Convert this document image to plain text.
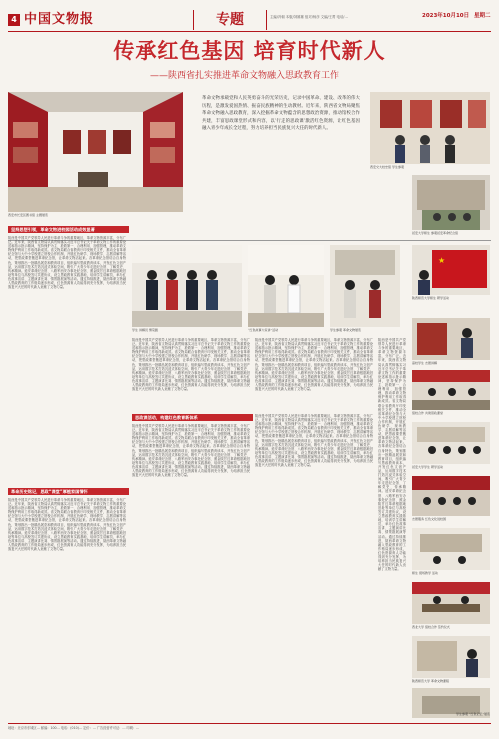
4 中国文物报	专题	主编/冯朝 本版/刘雄雄 组对/杨彦 文编/王菁 电话/…	2023年10月10日 星期二
传承红色基因 培育时代新人
——陕西省扎实推进革命文物融入思政教育工作
西安市长安区图书馆 主题展览
革命文物承载党和人民英勇奋斗的光荣历史，记录中国革命、建设、改革的伟大历程，是激发爱国热情、振奋民族精神的生动教材。近年来，陕西省文物局聚焦革命文物融入思政教育，深入挖掘革命文物蕴含的思想政治资源，推动馆校合作共建，丰富思政课堂形式和内容，以‘行走的思政课’激活红色资源，让红色基因融入青少年成长全过程，努力培养担当民族复兴大任的时代新人。
西安交大校史馆 学生参观
延安大学师生 参观延安革命纪念馆
学生 讲解员 情景剧	“红色故事大家讲”活动	学生参观 革命文物展览
★
陕西师范大学师生 研学活动
坚持思想引领，革命文物进校园活动成效显著
陕西是中国共产党领导人民进行革命斗争的重要地区，革命文物资源丰富，分布广泛。近年来，陕西省文物局认真贯彻落实习近平总书记关于革命文物工作的重要论述和指示批示精神，坚持保护为主、抢救第一、合理利用、加强管理，推动革命文物保护利用工作取得新成效。省文物局联合省教育厅印发相关文件，推动全省革命纪念馆与大中小学校建立馆校合作机制，开展红色研学、现场教学、志愿讲解等活动，把思政课堂搬进革命纪念馆，让革命文物活起来。各革命纪念馆结合自身特色，策划推出一批精品展览和教育项目，组织编写思政教育读本，开发红色文创产品，运用数字技术打造沉浸式体验空间，吸引广大青少年走进纪念馆、了解党史、传承精神。延安革命纪念馆、八路军西安办事处纪念馆、照金陕甘边革命根据地旧址等单位与高校签订共建协议，设立思政教育实践基地，培训学生讲解员，举办红色故事宣讲、主题演讲比赛、情景剧展演等活动。通过持续推进，陕西革命文物融入思政教育的工作格局逐步形成，红色资源育人功能得到充分发挥，为培养担当民族复兴大任的时代新人贡献了文物力量。
革命历史铭记，思政“课堂”厚植家国情怀
陕西是中国共产党领导人民进行革命斗争的重要地区，革命文物资源丰富，分布广泛。近年来，陕西省文物局认真贯彻落实习近平总书记关于革命文物工作的重要论述和指示批示精神，坚持保护为主、抢救第一、合理利用、加强管理，推动革命文物保护利用工作取得新成效。省文物局联合省教育厅印发相关文件，推动全省革命纪念馆与大中小学校建立馆校合作机制，开展红色研学、现场教学、志愿讲解等活动，把思政课堂搬进革命纪念馆，让革命文物活起来。各革命纪念馆结合自身特色，策划推出一批精品展览和教育项目，组织编写思政教育读本，开发红色文创产品，运用数字技术打造沉浸式体验空间，吸引广大青少年走进纪念馆、了解党史、传承精神。延安革命纪念馆、八路军西安办事处纪念馆、照金陕甘边革命根据地旧址等单位与高校签订共建协议，设立思政教育实践基地，培训学生讲解员，举办红色故事宣讲、主题演讲比赛、情景剧展演等活动。通过持续推进，陕西革命文物融入思政教育的工作格局逐步形成，红色资源育人功能得到充分发挥，为培养担当民族复兴大任的时代新人贡献了文物力量。
陕西是中国共产党领导人民进行革命斗争的重要地区，革命文物资源丰富，分布广泛。近年来，陕西省文物局认真贯彻落实习近平总书记关于革命文物工作的重要论述和指示批示精神，坚持保护为主、抢救第一、合理利用、加强管理，推动革命文物保护利用工作取得新成效。省文物局联合省教育厅印发相关文件，推动全省革命纪念馆与大中小学校建立馆校合作机制，开展红色研学、现场教学、志愿讲解等活动，把思政课堂搬进革命纪念馆，让革命文物活起来。各革命纪念馆结合自身特色，策划推出一批精品展览和教育项目，组织编写思政教育读本，开发红色文创产品，运用数字技术打造沉浸式体验空间，吸引广大青少年走进纪念馆、了解党史、传承精神。延安革命纪念馆、八路军西安办事处纪念馆、照金陕甘边革命根据地旧址等单位与高校签订共建协议，设立思政教育实践基地，培训学生讲解员，举办红色故事宣讲、主题演讲比赛、情景剧展演等活动。通过持续推进，陕西革命文物融入思政教育的工作格局逐步形成，红色资源育人功能得到充分发挥，为培养担当民族复兴大任的时代新人贡献了文物力量。
陕西是中国共产党领导人民进行革命斗争的重要地区，革命文物资源丰富，分布广泛。近年来，陕西省文物局认真贯彻落实习近平总书记关于革命文物工作的重要论述和指示批示精神，坚持保护为主、抢救第一、合理利用、加强管理，推动革命文物保护利用工作取得新成效。省文物局联合省教育厅印发相关文件，推动全省革命纪念馆与大中小学校建立馆校合作机制，开展红色研学、现场教学、志愿讲解等活动，把思政课堂搬进革命纪念馆，让革命文物活起来。各革命纪念馆结合自身特色，策划推出一批精品展览和教育项目，组织编写思政教育读本，开发红色文创产品，运用数字技术打造沉浸式体验空间，吸引广大青少年走进纪念馆、了解党史、传承精神。延安革命纪念馆、八路军西安办事处纪念馆、照金陕甘边革命根据地旧址等单位与高校签订共建协议，设立思政教育实践基地，培训学生讲解员，举办红色故事宣讲、主题演讲比赛、情景剧展演等活动。通过持续推进，陕西革命文物融入思政教育的工作格局逐步形成，红色资源育人功能得到充分发挥，为培养担当民族复兴大任的时代新人贡献了文物力量。
思政课活动，构建红色教育新体系
陕西是中国共产党领导人民进行革命斗争的重要地区，革命文物资源丰富，分布广泛。近年来，陕西省文物局认真贯彻落实习近平总书记关于革命文物工作的重要论述和指示批示精神，坚持保护为主、抢救第一、合理利用、加强管理，推动革命文物保护利用工作取得新成效。省文物局联合省教育厅印发相关文件，推动全省革命纪念馆与大中小学校建立馆校合作机制，开展红色研学、现场教学、志愿讲解等活动，把思政课堂搬进革命纪念馆，让革命文物活起来。各革命纪念馆结合自身特色，策划推出一批精品展览和教育项目，组织编写思政教育读本，开发红色文创产品，运用数字技术打造沉浸式体验空间，吸引广大青少年走进纪念馆、了解党史、传承精神。延安革命纪念馆、八路军西安办事处纪念馆、照金陕甘边革命根据地旧址等单位与高校签订共建协议，设立思政教育实践基地，培训学生讲解员，举办红色故事宣讲、主题演讲比赛、情景剧展演等活动。通过持续推进，陕西革命文物融入思政教育的工作格局逐步形成，红色资源育人功能得到充分发挥，为培养担当民族复兴大任的时代新人贡献了文物力量。
陕西是中国共产党领导人民进行革命斗争的重要地区，革命文物资源丰富，分布广泛。近年来，陕西省文物局认真贯彻落实习近平总书记关于革命文物工作的重要论述和指示批示精神，坚持保护为主、抢救第一、合理利用、加强管理，推动革命文物保护利用工作取得新成效。省文物局联合省教育厅印发相关文件，推动全省革命纪念馆与大中小学校建立馆校合作机制，开展红色研学、现场教学、志愿讲解等活动，把思政课堂搬进革命纪念馆，让革命文物活起来。各革命纪念馆结合自身特色，策划推出一批精品展览和教育项目，组织编写思政教育读本，开发红色文创产品，运用数字技术打造沉浸式体验空间，吸引广大青少年走进纪念馆、了解党史、传承精神。延安革命纪念馆、八路军西安办事处纪念馆、照金陕甘边革命根据地旧址等单位与高校签订共建协议，设立思政教育实践基地，培训学生讲解员，举办红色故事宣讲、主题演讲比赛、情景剧展演等活动。通过持续推进，陕西革命文物融入思政教育的工作格局逐步形成，红色资源育人功能得到充分发挥，为培养担当民族复兴大任的时代新人贡献了文物力量。
陕西是中国共产党领导人民进行革命斗争的重要地区，革命文物资源丰富，分布广泛。近年来，陕西省文物局认真贯彻落实习近平总书记关于革命文物工作的重要论述和指示批示精神，坚持保护为主、抢救第一、合理利用、加强管理，推动革命文物保护利用工作取得新成效。省文物局联合省教育厅印发相关文件，推动全省革命纪念馆与大中小学校建立馆校合作机制，开展红色研学、现场教学、志愿讲解等活动，把思政课堂搬进革命纪念馆，让革命文物活起来。各革命纪念馆结合自身特色，策划推出一批精品展览和教育项目，组织编写思政教育读本，开发红色文创产品，运用数字技术打造沉浸式体验空间，吸引广大青少年走进纪念馆、了解党史、传承精神。延安革命纪念馆、八路军西安办事处纪念馆、照金陕甘边革命根据地旧址等单位与高校签订共建协议，设立思政教育实践基地，培训学生讲解员，举办红色故事宣讲、主题演讲比赛、情景剧展演等活动。通过持续推进，陕西革命文物融入思政教育的工作格局逐步形成，红色资源育人功能得到充分发挥，为培养担当民族复兴大任的时代新人贡献了文物力量。
高校学生 志愿讲解
馆校合作 共建思政课堂
延安大学学生 研学活动
志愿服务 红色文化进校园
师生 现场教学 活动
西北大学 馆校合作 签约仪式
陕西师范大学 革命文物课程
学生参观 “红色记忆”展览
地址：北京市东城区… 邮编：100… 电话：(010)… 定价：… 广告经营许可证：… 印刷：…
